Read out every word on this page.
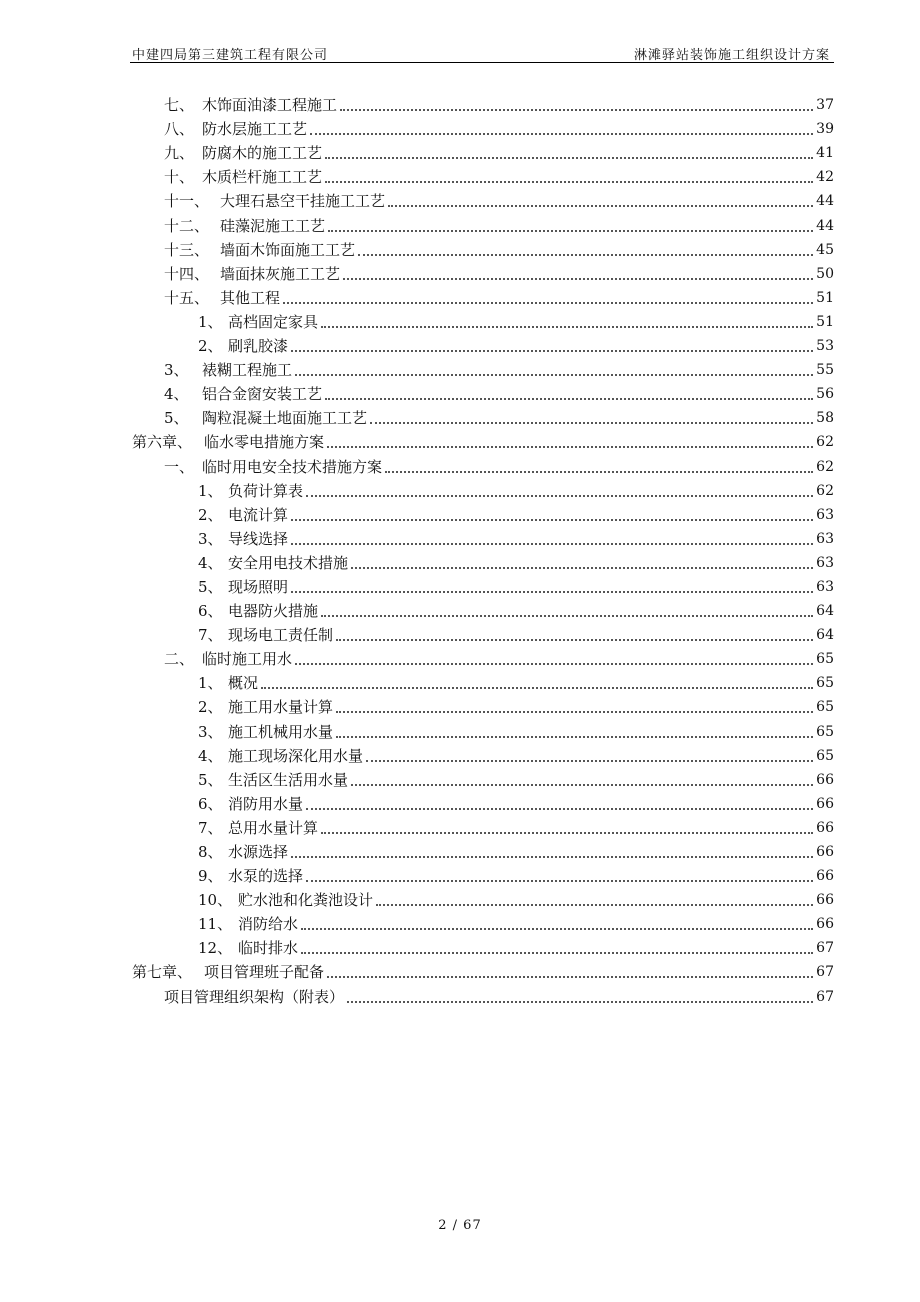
中建四局第三建筑工程有限公司	淋滩驿站装饰施工组织设计方案
七、 木饰面油漆工程施工	37
八、 防水层施工工艺	39
九、 防腐木的施工工艺	41
十、 木质栏杆施工工艺	42
十一、 大理石悬空干挂施工工艺	44
十二、 硅藻泥施工工艺	44
十三、 墙面木饰面施工工艺	45
十四、 墙面抹灰施工工艺	50
十五、 其他工程	51
1、 高档固定家具	51
2、 刷乳胶漆	53
3、 裱糊工程施工	55
4、 铝合金窗安装工艺	56
5、 陶粒混凝土地面施工工艺	58
第六章、 临水零电措施方案	62
一、 临时用电安全技术措施方案	62
1、 负荷计算表	62
2、 电流计算	63
3、 导线选择	63
4、 安全用电技术措施	63
5、 现场照明	63
6、 电器防火措施	64
7、 现场电工责任制	64
二、 临时施工用水	65
1、 概况	65
2、 施工用水量计算	65
3、 施工机械用水量	65
4、 施工现场深化用水量	65
5、 生活区生活用水量	66
6、 消防用水量	66
7、 总用水量计算	66
8、 水源选择	66
9、 水泵的选择	66
10、 贮水池和化粪池设计	66
11、 消防给水	66
12、 临时排水	67
第七章、 项目管理班子配备	67
项目管理组织架构（附表）	67
2 / 67
